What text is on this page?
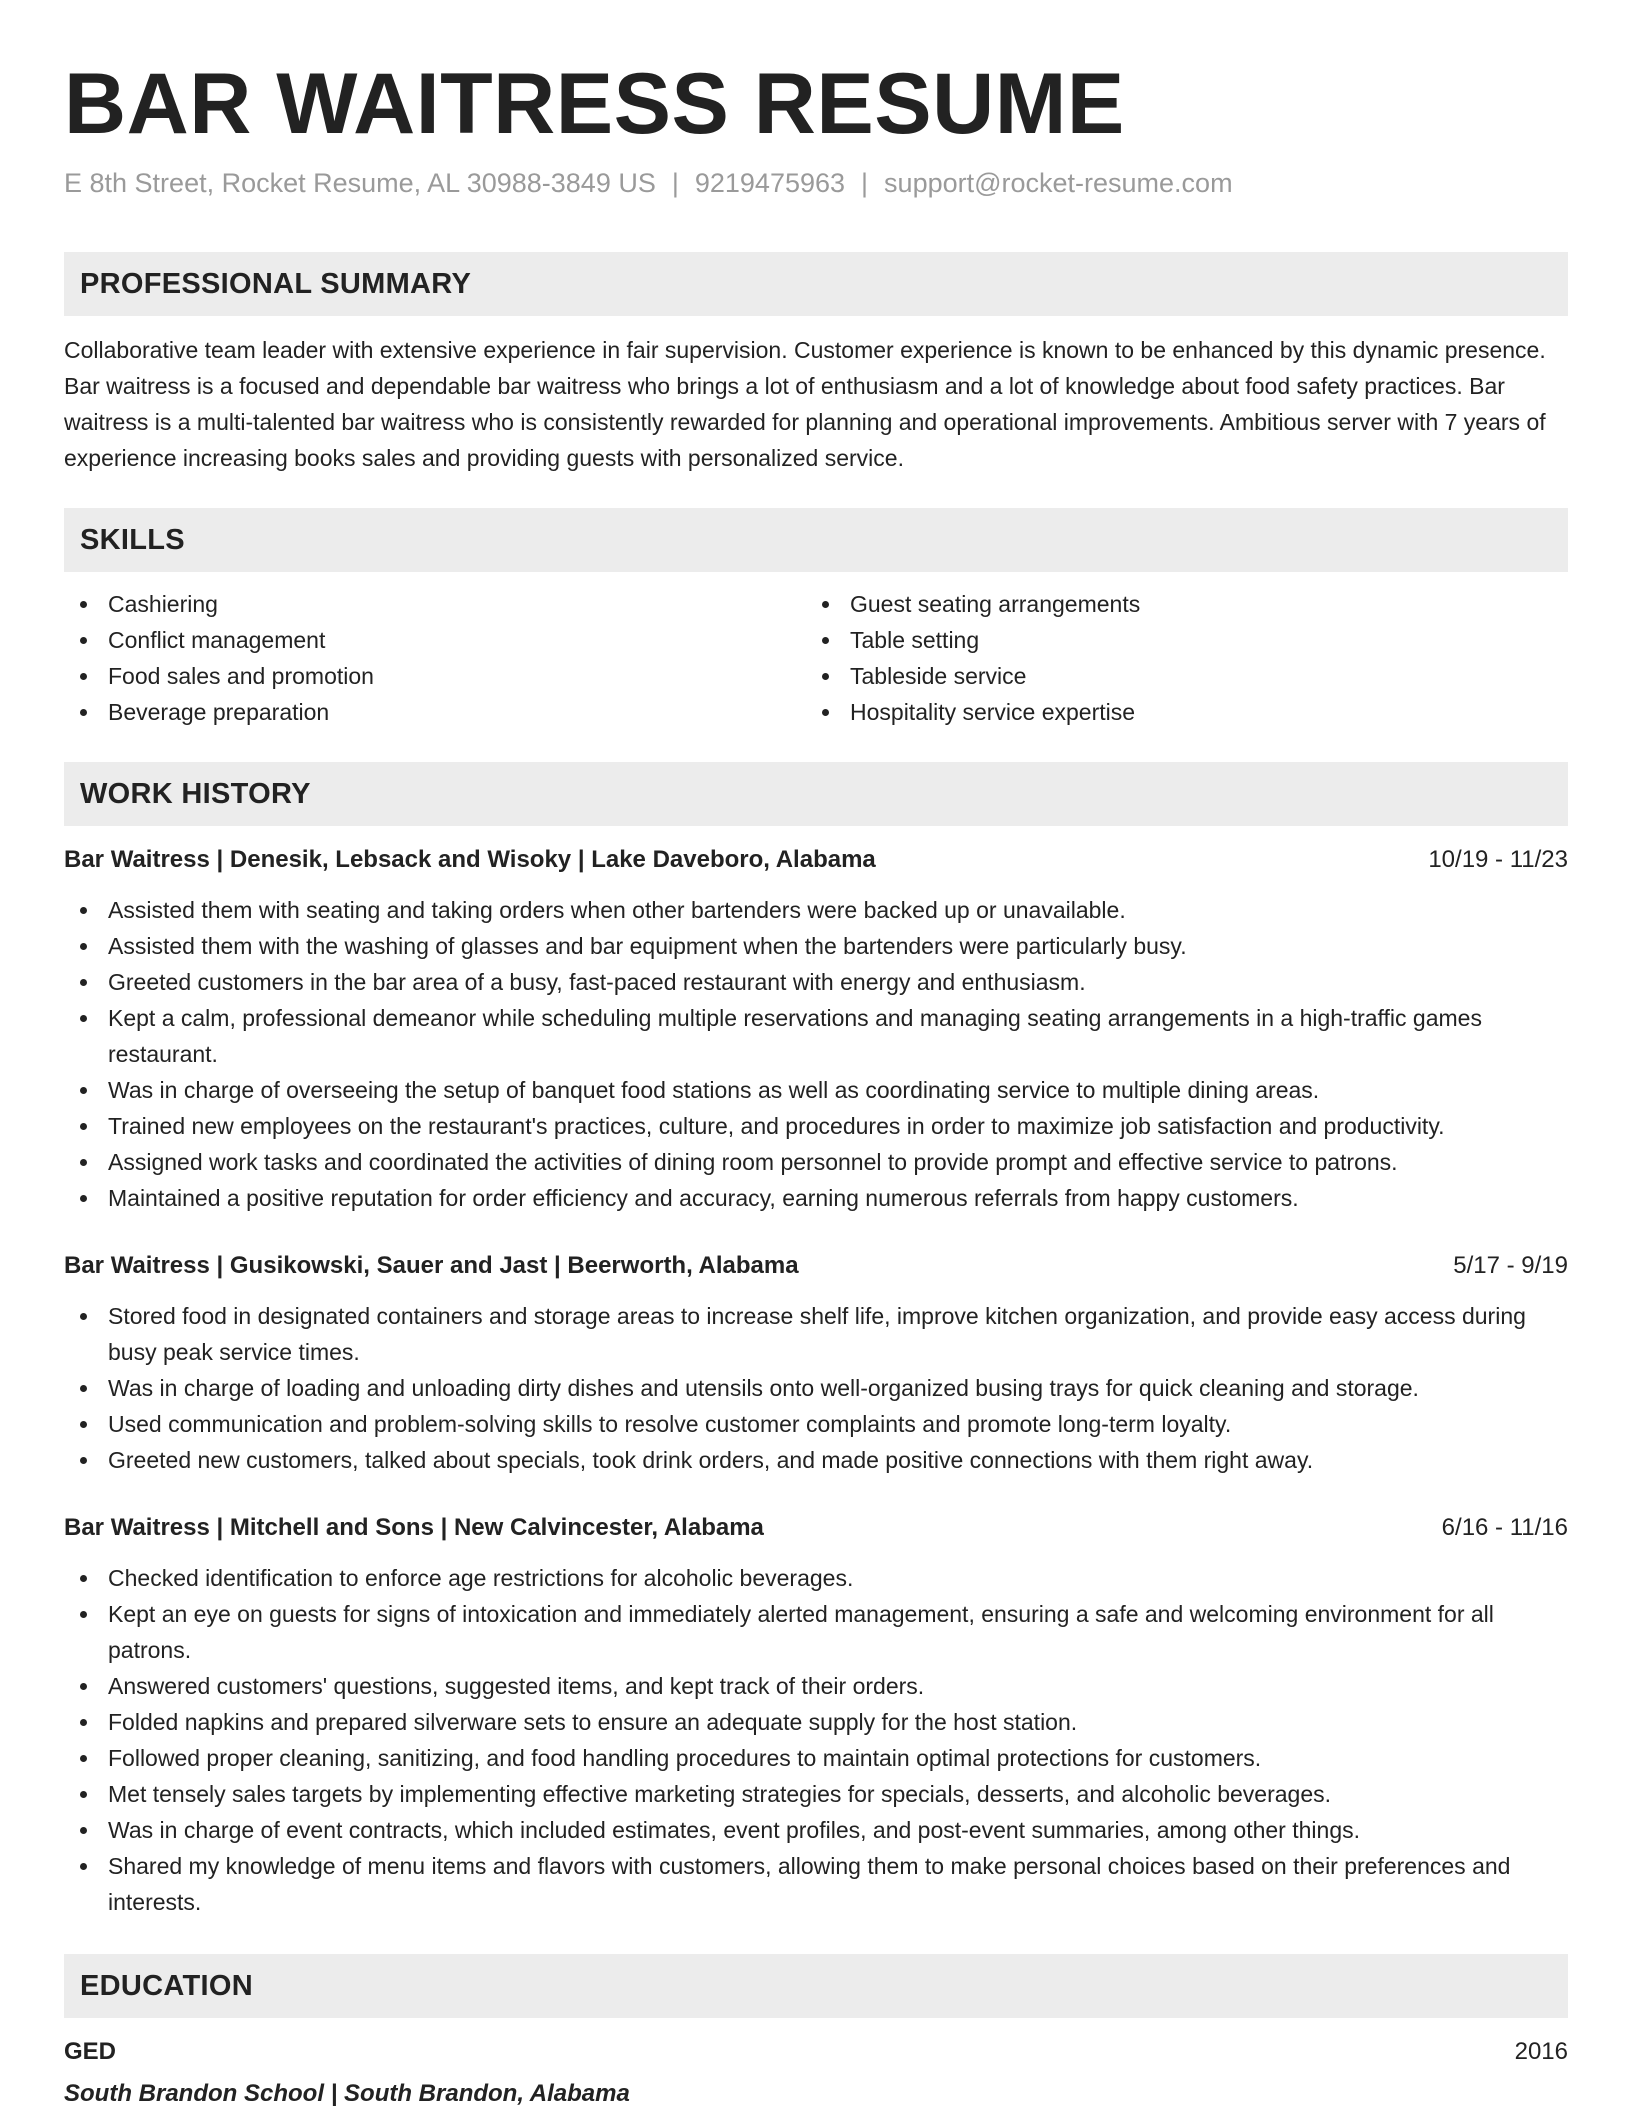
BAR WAITRESS RESUME
E 8th Street, Rocket Resume, AL 30988-3849 US | 9219475963 | support@rocket-resume.com
PROFESSIONAL SUMMARY
Collaborative team leader with extensive experience in fair supervision. Customer experience is known to be enhanced by this dynamic presence. Bar waitress is a focused and dependable bar waitress who brings a lot of enthusiasm and a lot of knowledge about food safety practices. Bar waitress is a multi-talented bar waitress who is consistently rewarded for planning and operational improvements. Ambitious server with 7 years of experience increasing books sales and providing guests with personalized service.
SKILLS
Cashiering
Conflict management
Food sales and promotion
Beverage preparation
Guest seating arrangements
Table setting
Tableside service
Hospitality service expertise
WORK HISTORY
Bar Waitress | Denesik, Lebsack and Wisoky | Lake Daveboro, Alabama	10/19 - 11/23
Assisted them with seating and taking orders when other bartenders were backed up or unavailable.
Assisted them with the washing of glasses and bar equipment when the bartenders were particularly busy.
Greeted customers in the bar area of a busy, fast-paced restaurant with energy and enthusiasm.
Kept a calm, professional demeanor while scheduling multiple reservations and managing seating arrangements in a high-traffic games restaurant.
Was in charge of overseeing the setup of banquet food stations as well as coordinating service to multiple dining areas.
Trained new employees on the restaurant's practices, culture, and procedures in order to maximize job satisfaction and productivity.
Assigned work tasks and coordinated the activities of dining room personnel to provide prompt and effective service to patrons.
Maintained a positive reputation for order efficiency and accuracy, earning numerous referrals from happy customers.
Bar Waitress | Gusikowski, Sauer and Jast | Beerworth, Alabama	5/17 - 9/19
Stored food in designated containers and storage areas to increase shelf life, improve kitchen organization, and provide easy access during busy peak service times.
Was in charge of loading and unloading dirty dishes and utensils onto well-organized busing trays for quick cleaning and storage.
Used communication and problem-solving skills to resolve customer complaints and promote long-term loyalty.
Greeted new customers, talked about specials, took drink orders, and made positive connections with them right away.
Bar Waitress | Mitchell and Sons | New Calvincester, Alabama	6/16 - 11/16
Checked identification to enforce age restrictions for alcoholic beverages.
Kept an eye on guests for signs of intoxication and immediately alerted management, ensuring a safe and welcoming environment for all patrons.
Answered customers' questions, suggested items, and kept track of their orders.
Folded napkins and prepared silverware sets to ensure an adequate supply for the host station.
Followed proper cleaning, sanitizing, and food handling procedures to maintain optimal protections for customers.
Met tensely sales targets by implementing effective marketing strategies for specials, desserts, and alcoholic beverages.
Was in charge of event contracts, which included estimates, event profiles, and post-event summaries, among other things.
Shared my knowledge of menu items and flavors with customers, allowing them to make personal choices based on their preferences and interests.
EDUCATION
GED	2016
South Brandon School | South Brandon, Alabama
